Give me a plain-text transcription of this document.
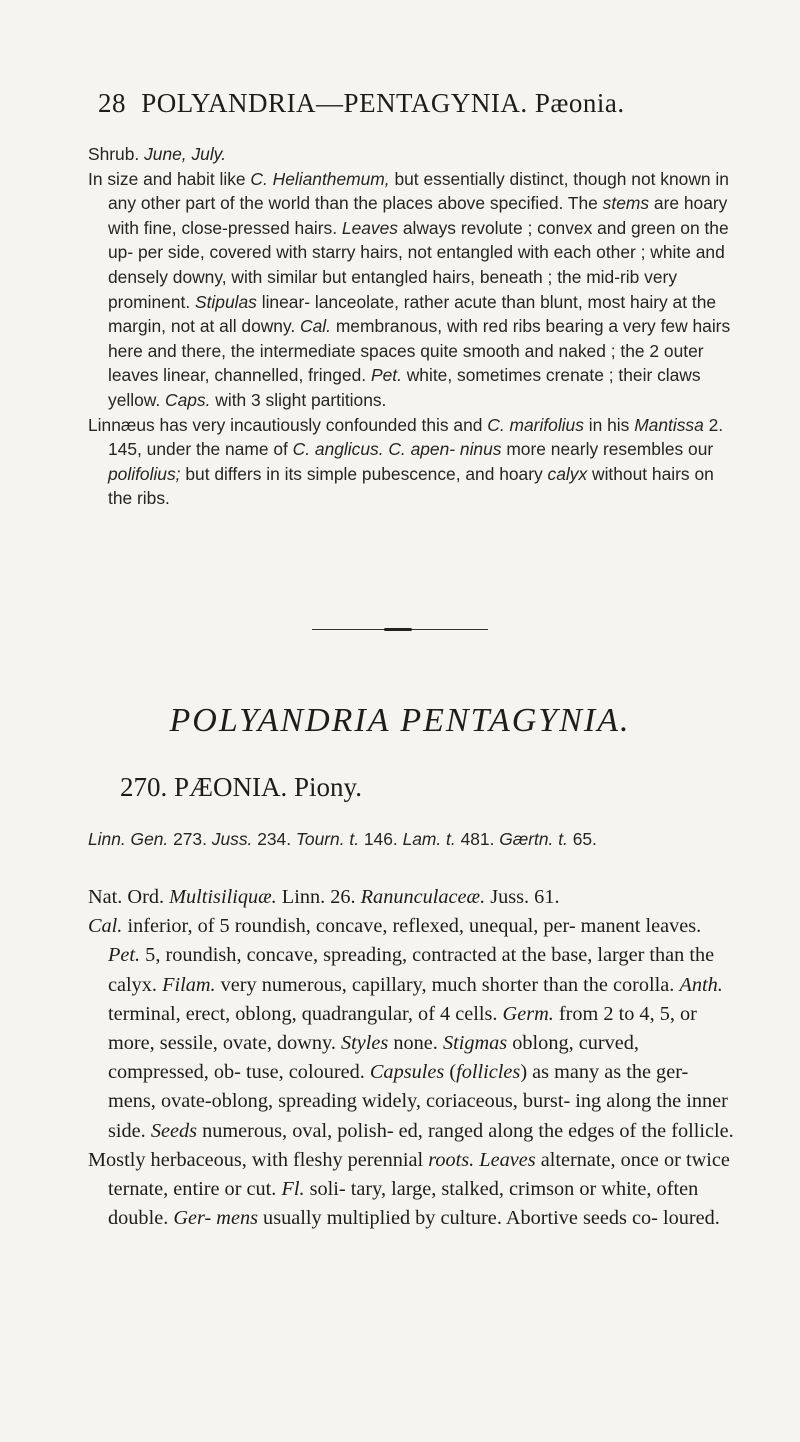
28 POLYANDRIA—PENTAGYNIA. Pæonia.

Shrub. June, July.

In size and habit like C. Helianthemum, but essentially distinct, though not known in any other part of the world than the places above specified. The stems are hoary with fine, close-pressed hairs. Leaves always revolute ; convex and green on the up- per side, covered with starry hairs, not entangled with each other ; white and densely downy, with similar but entangled hairs, beneath ; the mid-rib very prominent. Stipulas linear- lanceolate, rather acute than blunt, most hairy at the margin, not at all downy. Cal. membranous, with red ribs bearing a very few hairs here and there, the intermediate spaces quite smooth and naked ; the 2 outer leaves linear, channelled, fringed. Pet. white, sometimes crenate ; their claws yellow. Caps. with 3 slight partitions.

Linnæus has very incautiously confounded this and C. marifolius in his Mantissa 2. 145, under the name of C. anglicus. C. apen- ninus more nearly resembles our polifolius; but differs in its simple pubescence, and hoary calyx without hairs on the ribs.

POLYANDRIA PENTAGYNIA.
270. PÆONIA. Piony.

Linn. Gen. 273. Juss. 234. Tourn. t. 146. Lam. t. 481. Gærtn. t. 65.

Nat. Ord. Multisiliquæ. Linn. 26. Ranunculaceæ. Juss. 61.

Cal. inferior, of 5 roundish, concave, reflexed, unequal, per- manent leaves. Pet. 5, roundish, concave, spreading, contracted at the base, larger than the calyx. Filam. very numerous, capillary, much shorter than the corolla. Anth. terminal, erect, oblong, quadrangular, of 4 cells. Germ. from 2 to 4, 5, or more, sessile, ovate, downy. Styles none. Stigmas oblong, curved, compressed, ob- tuse, coloured. Capsules (follicles) as many as the ger- mens, ovate-oblong, spreading widely, coriaceous, burst- ing along the inner side. Seeds numerous, oval, polish- ed, ranged along the edges of the follicle.

Mostly herbaceous, with fleshy perennial roots. Leaves alternate, once or twice ternate, entire or cut. Fl. soli- tary, large, stalked, crimson or white, often double. Ger- mens usually multiplied by culture. Abortive seeds co- loured.
